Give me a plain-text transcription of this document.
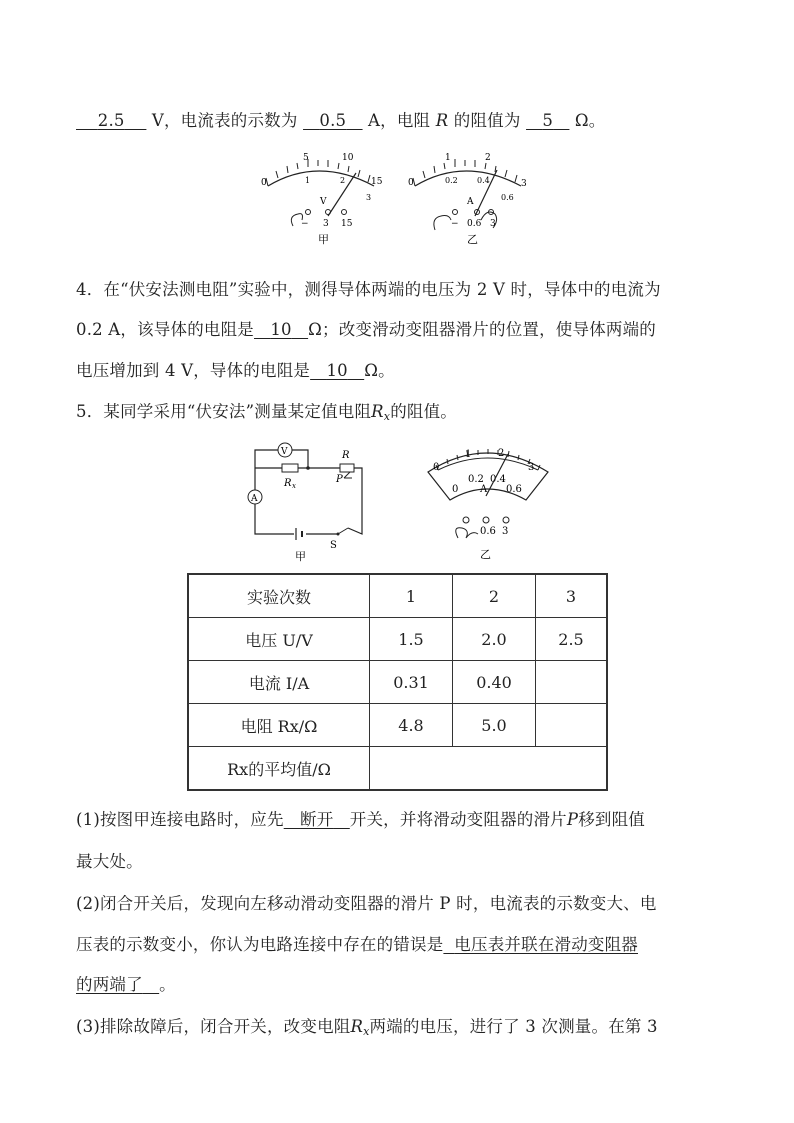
2.5 V，电流表的示数为 0.5 A，电阻 R 的阻值为 5 Ω。
0
5	10
15
1	2
3
V
− 3 15
甲
0
1	2
3
0.2 0.4
0.6
A
− 0.6 3
乙
4．在“伏安法测电阻”实验中，测得导体两端的电压为 2 V 时，导体中的电流为
0.2 A，该导体的电阻是 10 Ω；改变滑动变阻器滑片的位置，使导体两端的
电压增加到 4 V，导体的电阻是 10 Ω。
5．某同学采用“伏安法”测量某定值电阻$R_x$的阻值。
V
R x
R
P
A
S
甲
0
1	2
3
0
0.2 0.4
0.6
A
0.6 3
乙
实验次数	1	2	3
电压 U/V	1.5	2.0	2.5
电流 I/A	0.31	0.40	
电阻 Rx/Ω	4.8	5.0	
Rx的平均值/Ω			
(1)按图甲连接电路时，应先 断开 开关，并将滑动变阻器的滑片P移到阻值
最大处。
(2)闭合开关后，发现向左移动滑动变阻器的滑片 P 时，电流表的示数变大、电
压表的示数变小，你认为电路连接中存在的错误是 电压表并联在滑动变阻器
的两端了 。
(3)排除故障后，闭合开关，改变电阻$R_x$两端的电压，进行了 3 次测量。在第 3
